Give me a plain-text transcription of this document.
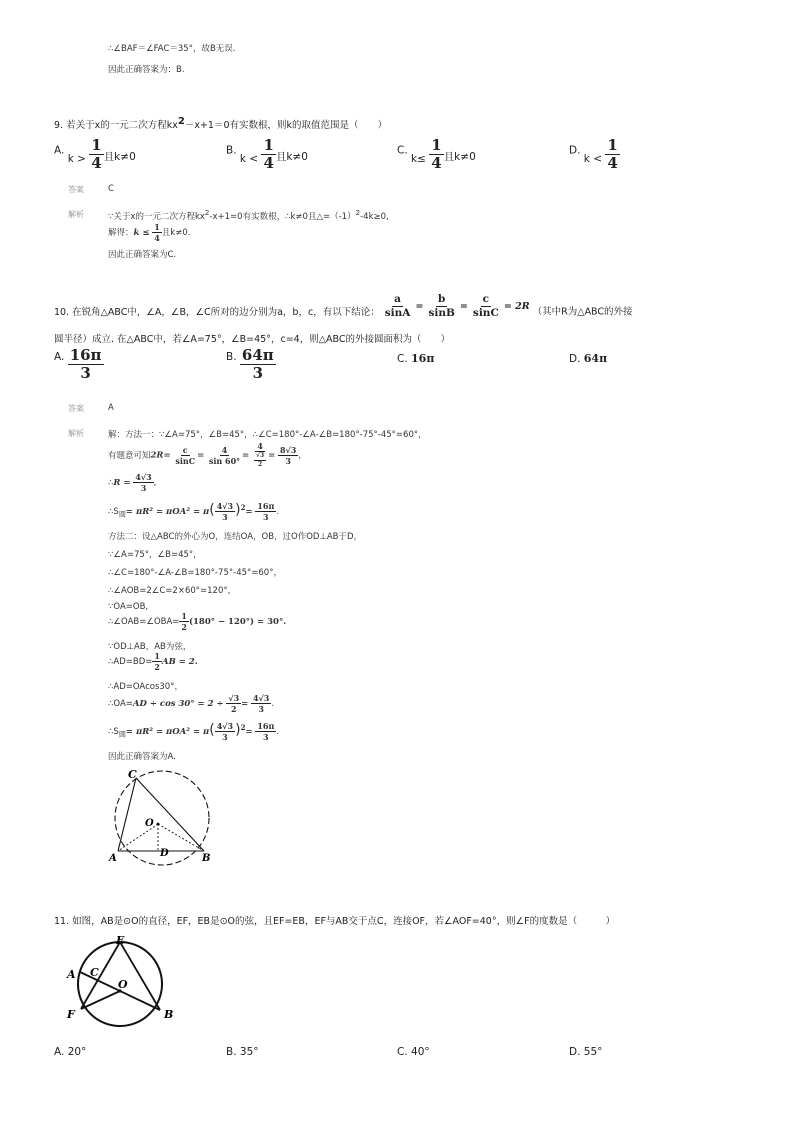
∴∠BAF＝∠FAC＝35°，故B无误.
因此正确答案为：B.
9. 若关于x的一元二次方程$kx^2-x+1=0$有实数根，则k的取值范围是（　　）
A. $k > \frac{1}{4}$ 且k≠0	B. $k < \frac{1}{4}$ 且k≠0	C. $k\le \frac{1}{4}$ 且k≠0	D. $k < \frac{1}{4}$
答案	C
解析	∵关于x的一元二次方程$kx^2-x+1=0$有实数根，∴k≠0且$\triangle=(-1)^2-4k\ge 0$,
解得：$k \le \frac{1}{4}$ 且k≠0.
因此正确答案为C.
10. 在锐角△ABC中，∠A，∠B，∠C所对的边分别为a，b，c，有以下结论： $\frac{a}{\sin A} = \frac{b}{\sin B} = \frac{c}{\sin C} = 2R$ （其中R为△ABC的外接
圆半径）成立. 在△ABC中，若∠A=75°，∠B=45°，c=4，则△ABC的外接圆面积为（　　）
A. $\frac{16\pi}{3}$	B. $\frac{64\pi}{3}$	C. 16π	D. 64π
答案	A
解析	解：方法一：∵∠A=75°，∠B=45°，∴∠C=180°-∠A-∠B=180°-75°-45°=60°，
有题意可知$2R= \frac{c}{\sin C} = \frac{4}{\sin 60^\circ} = \frac{4}{\frac{√3}{2}} = \frac{8√3}{3}$ ，
∴R = $\frac{4√3}{3}$ ,
$\therefore S_圆= \pi R^2 = \pi OA^2 = \pi( \frac{4√3}{3} )^2= \frac{16\pi}{3}$ .
方法二：设△ABC的外心为O，连结OA，OB，过O作OD⊥AB于D，
∵∠A=75°，∠B=45°，
∴∠C=180°-∠A-∠B=180°-75°-45°=60°，
∴∠AOB=2∠C=2×60°=120°，
∵OA=OB,
∴∠OAB=∠OBA= $\frac{1}{2} (180^\circ - 120^\circ) = 30^\circ$.
∵OD⊥AB，AB为弦，
∴AD=BD= $\frac{1}{2}$ AB = 2.
∴AD=OAcos30°，
∴OA=AD ÷ $\cos 30^\circ = 2 \div \frac{√3}{2} = \frac{4√3}{3}$ .
$\therefore S_圆= \pi R^2 = \pi OA^2 = \pi( \frac{4√3}{3} )^2= \frac{16\pi}{3}$ .
因此正确答案为A.
C
O
A	D	B
11. 如图，AB是⊙O的直径，EF，EB是⊙O的弦，且EF=EB，EF与AB交于点C，连接OF，若∠AOF=40°，则∠F的度数是（　　　）
E
A C
O
F	B
A. 20°	B. 35°	C. 40°	D. 55°
